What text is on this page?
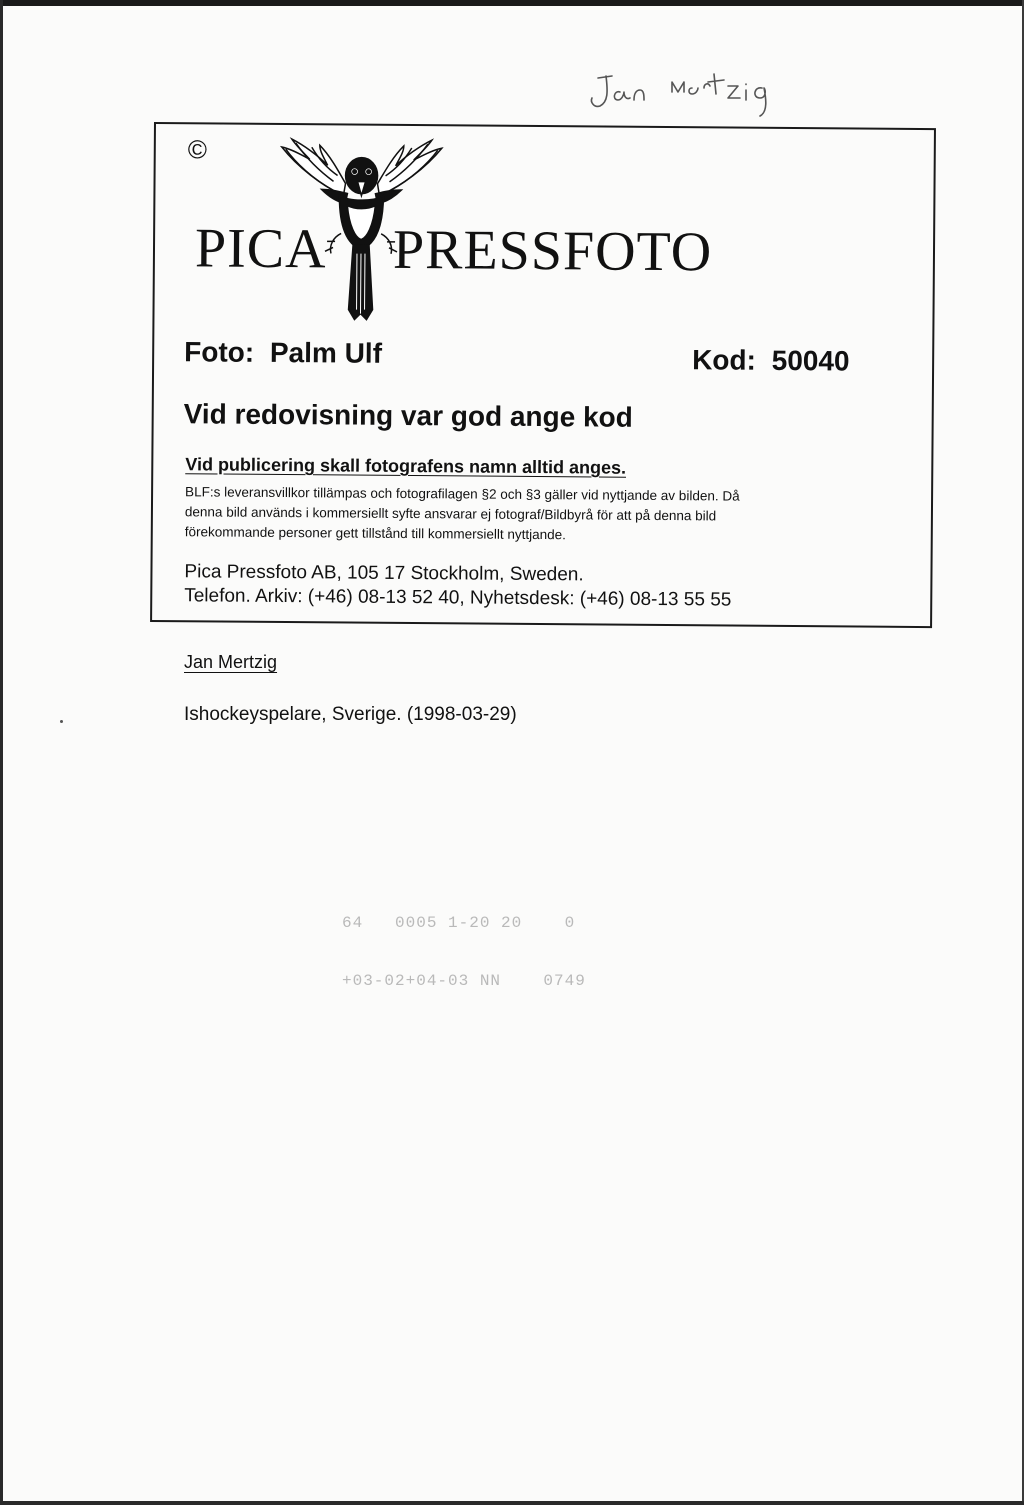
©
PICA PRESSFOTO
Foto: Palm Ulf	Kod: 50040
Vid redovisning var god ange kod
Vid publicering skall fotografens namn alltid anges.
BLF:s leveransvillkor tillämpas och fotografilagen §2 och §3 gäller vid nyttjande av bilden. Då
denna bild används i kommersiellt syfte ansvarar ej fotograf/Bildbyrå för att på denna bild
förekommande personer gett tillstånd till kommersiellt nyttjande.
Pica Pressfoto AB, 105 17 Stockholm, Sweden.
Telefon. Arkiv: (+46) 08-13 52 40, Nyhetsdesk: (+46) 08-13 55 55
Jan Mertzig
Ishockeyspelare, Sverige. (1998-03-29)
64   0005 1-20 20    0
+03-02+04-03 NN    0749
